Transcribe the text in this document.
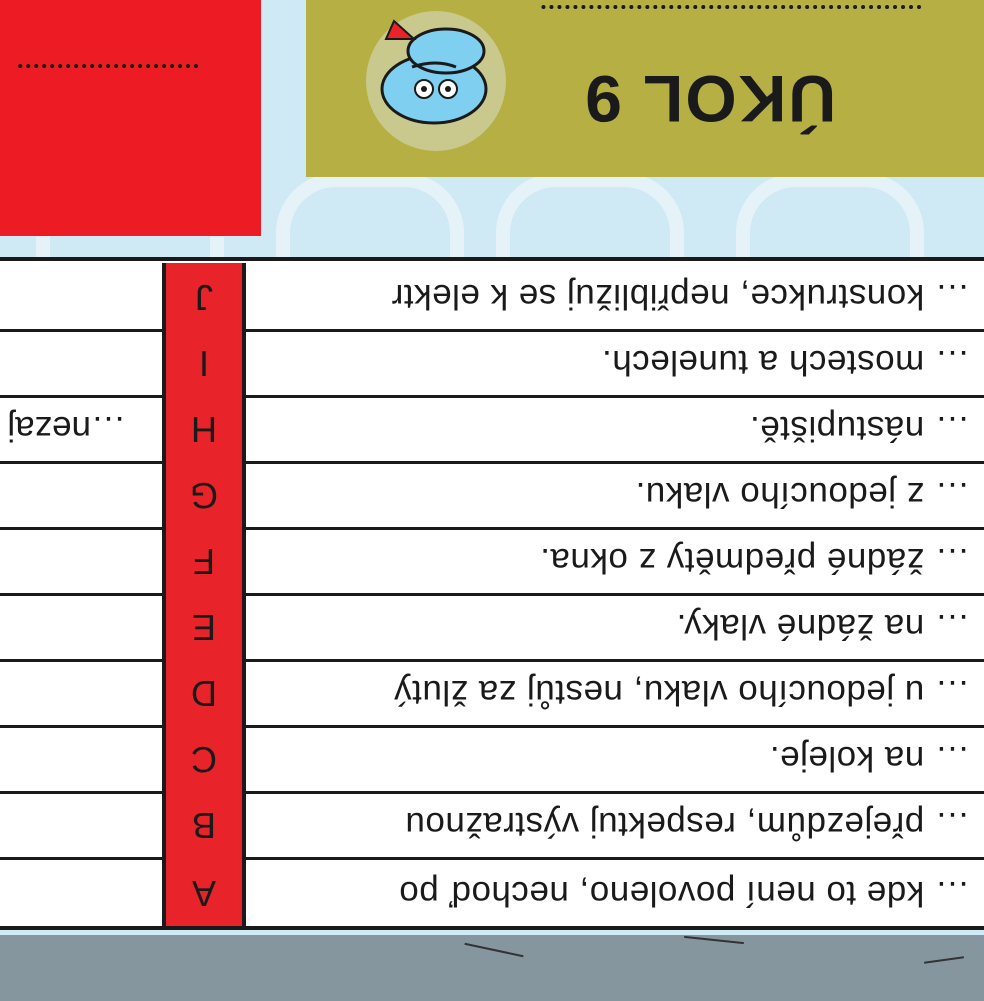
… kde to není povoleno, nechoď po
A
… přejezdům, respektuj výstražnou
B
… na koleje.
C
… u jedoucího vlaku, nestůj za žlutý
D
… na žádné vlaky.
E
… žádné předměty z okna.
F
… z jedoucího vlaku.
G
… nástupiště.
H
…nezaj
… mostech a tunelech.
I
… konstrukce, nepřibližuj se k elektr
J
ÚKOL 9
